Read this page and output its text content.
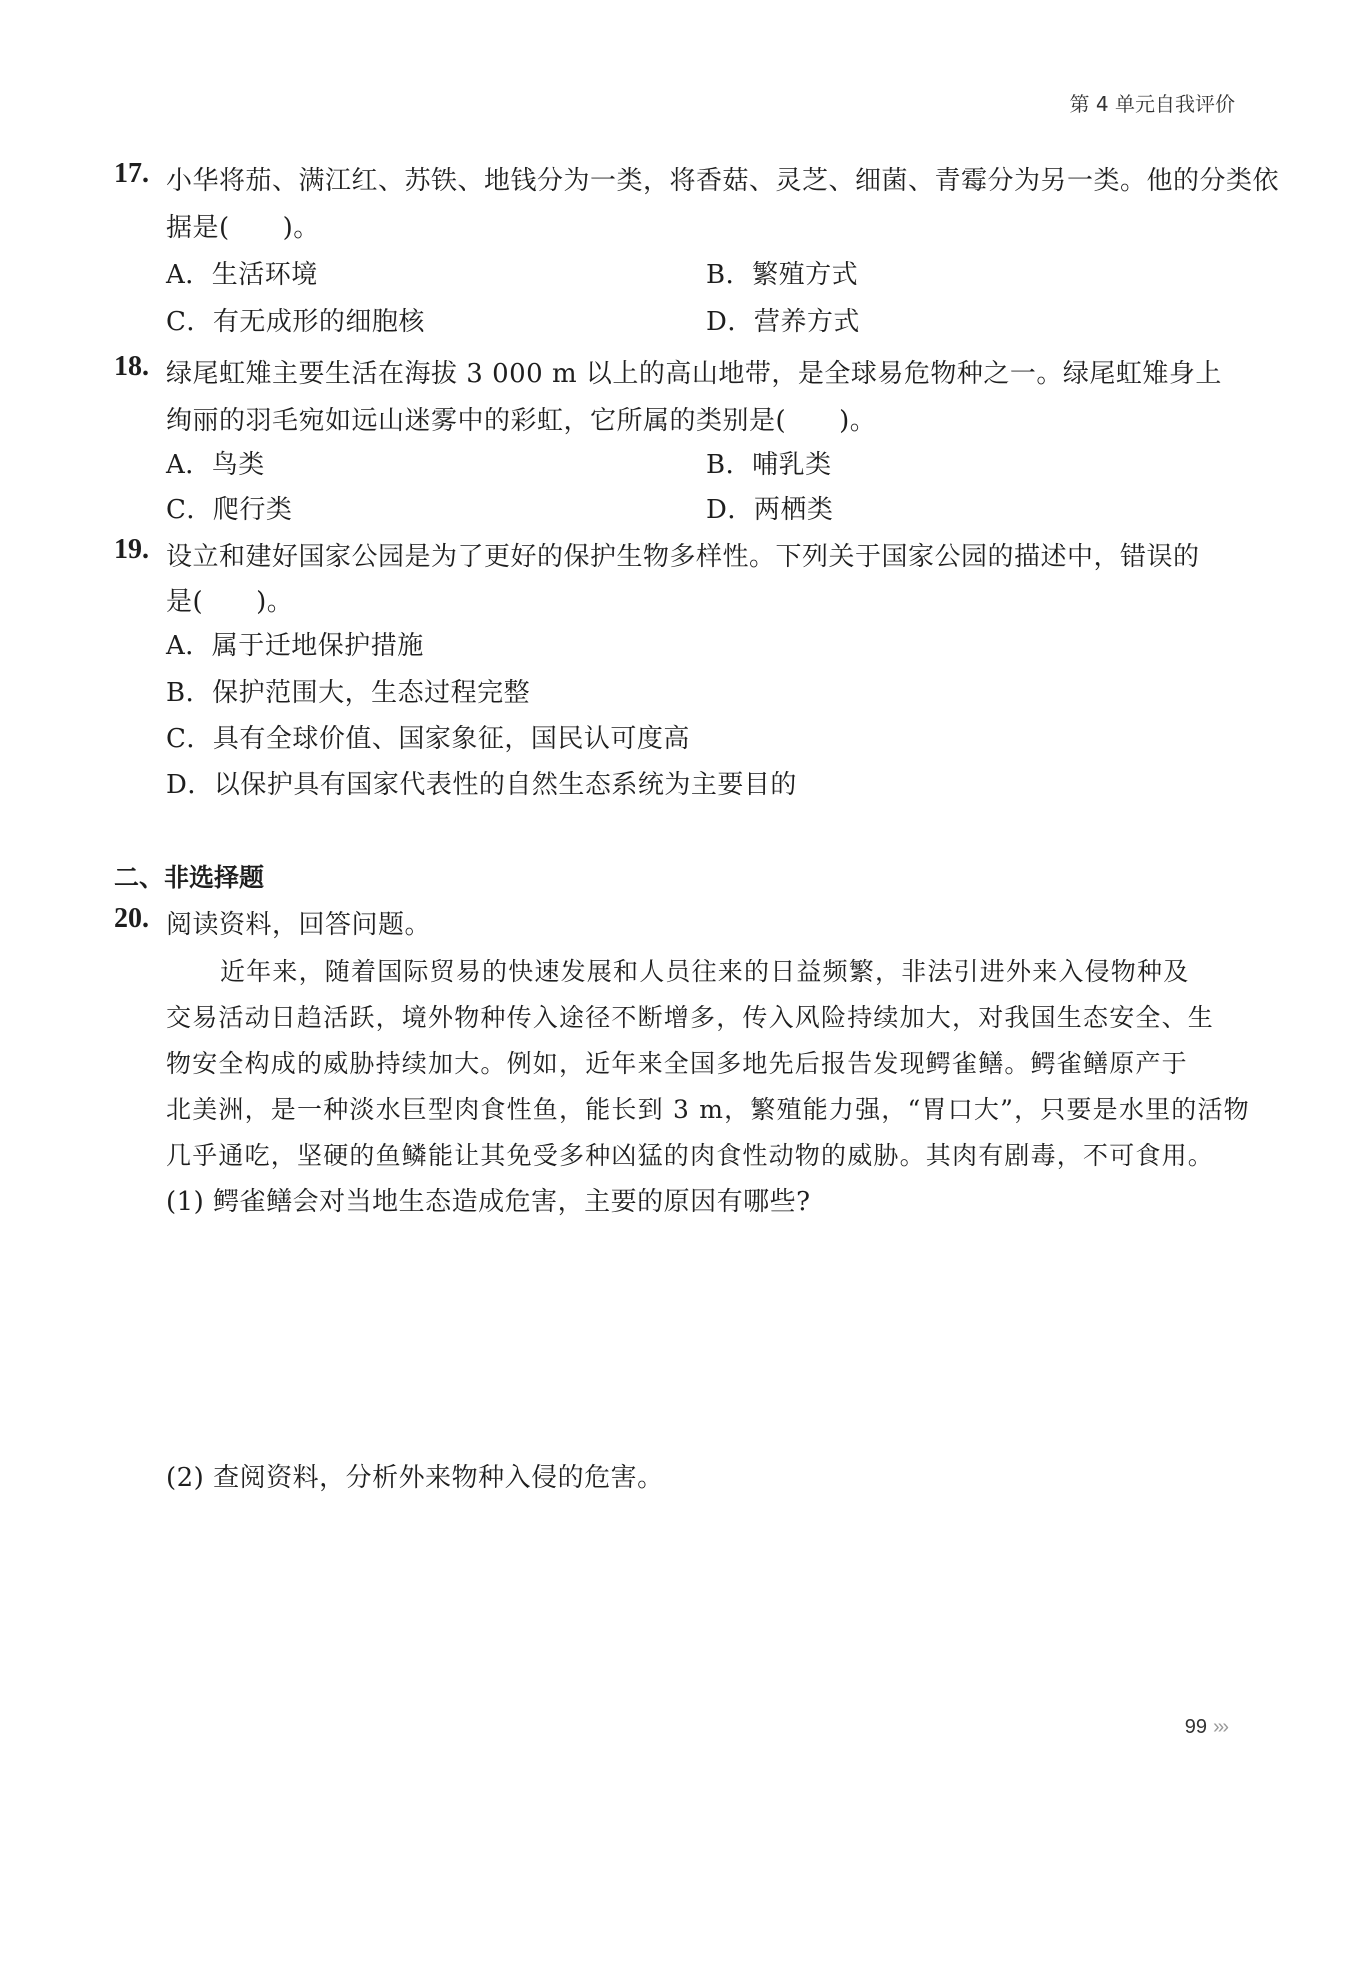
第 4 单元自我评价
17. 小华将茄、满江红、苏铁、地钱分为一类，将香菇、灵芝、细菌、青霉分为另一类。他的分类依
据是(　　)。
A．生活环境	B．繁殖方式
C．有无成形的细胞核	D．营养方式
18. 绿尾虹雉主要生活在海拔 3 000 m 以上的高山地带，是全球易危物种之一。绿尾虹雉身上
绚丽的羽毛宛如远山迷雾中的彩虹，它所属的类别是(　　)。
A．鸟类	B．哺乳类
C．爬行类	D．两栖类
19. 设立和建好国家公园是为了更好的保护生物多样性。下列关于国家公园的描述中，错误的
是(　　)。
A．属于迁地保护措施
B．保护范围大，生态过程完整
C．具有全球价值、国家象征，国民认可度高
D．以保护具有国家代表性的自然生态系统为主要目的
二、非选择题
20. 阅读资料，回答问题。
近年来，随着国际贸易的快速发展和人员往来的日益频繁，非法引进外来入侵物种及
交易活动日趋活跃，境外物种传入途径不断增多，传入风险持续加大，对我国生态安全、生
物安全构成的威胁持续加大。例如，近年来全国多地先后报告发现鳄雀鳝。鳄雀鳝原产于
北美洲，是一种淡水巨型肉食性鱼，能长到 3 m，繁殖能力强，“胃口大”，只要是水里的活物
几乎通吃，坚硬的鱼鳞能让其免受多种凶猛的肉食性动物的威胁。其肉有剧毒，不可食用。
(1) 鳄雀鳝会对当地生态造成危害，主要的原因有哪些?
(2) 查阅资料，分析外来物种入侵的危害。
99 ›››
